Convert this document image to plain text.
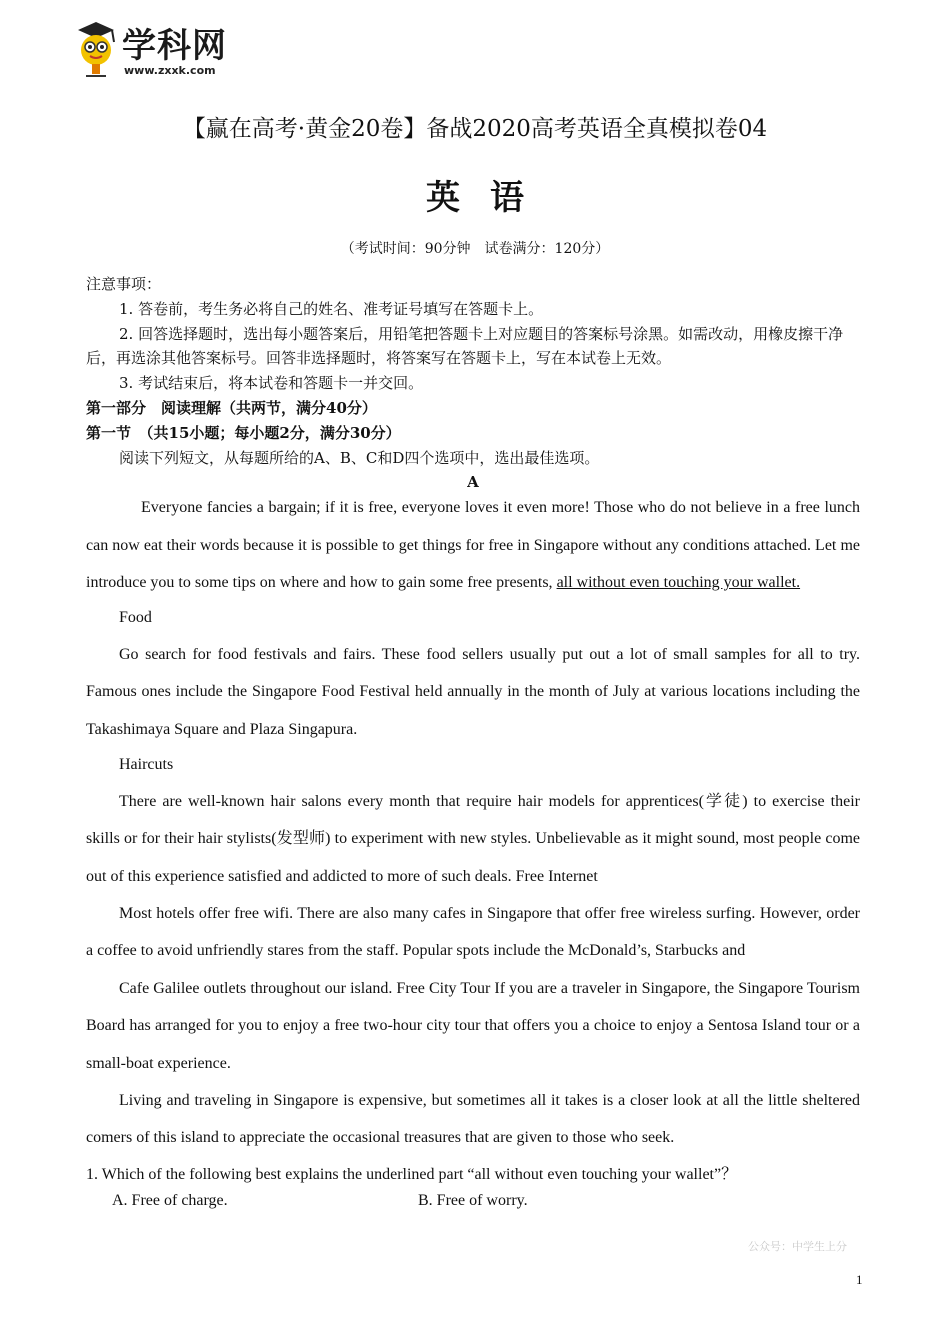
学科网
www.zxxk.com
【赢在高考·黄金20卷】备战2020高考英语全真模拟卷04
英语
（考试时间：90分钟　试卷满分：120分）

注意事项：

1. 答卷前，考生务必将自己的姓名、准考证号填写在答题卡上。

2. 回答选择题时，选出每小题答案后，用铅笔把答题卡上对应题目的答案标号涂黑。如需改动，用橡皮擦干净后，再选涂其他答案标号。回答非选择题时，将答案写在答题卡上，写在本试卷上无效。

3. 考试结束后，将本试卷和答题卡一并交回。

第一部分　阅读理解（共两节，满分40分）

第一节　（共15小题；每小题2分，满分30分）

阅读下列短文，从每题所给的A、B、C和D四个选项中，选出最佳选项。

A

Everyone fancies a bargain; if it is free, everyone loves it even more! Those who do not believe in a free lunch can now eat their words because it is possible to get things for free in Singapore without any conditions attached. Let me introduce you to some tips on where and how to gain some free presents, all without even touching your wallet.

Food

Go search for food festivals and fairs. These food sellers usually put out a lot of small samples for all to try. Famous ones include the Singapore Food Festival held annually in the month of July at various locations including the Takashimaya Square and Plaza Singapura.

Haircuts

There are well-known hair salons every month that require hair models for apprentices(学徒) to exercise their skills or for their hair stylists(发型师) to experiment with new styles. Unbelievable as it might sound, most people come out of this experience satisfied and addicted to more of such deals. Free Internet

Most hotels offer free wifi. There are also many cafes in Singapore that offer free wireless surfing. However, order a coffee to avoid unfriendly stares from the staff. Popular spots include the McDonald’s, Starbucks and

Cafe Galilee outlets throughout our island. Free City Tour If you are a traveler in Singapore, the Singapore Tourism Board has arranged for you to enjoy a free two-hour city tour that offers you a choice to enjoy a Sentosa Island tour or a small-boat experience.

Living and traveling in Singapore is expensive, but sometimes all it takes is a closer look at all the little sheltered comers of this island to appreciate the occasional treasures that are given to those who seek.

1. Which of the following best explains the underlined part “all without even touching your wallet”？

A. Free of charge.	B. Free of worry.
公众号：中学生上分
1
